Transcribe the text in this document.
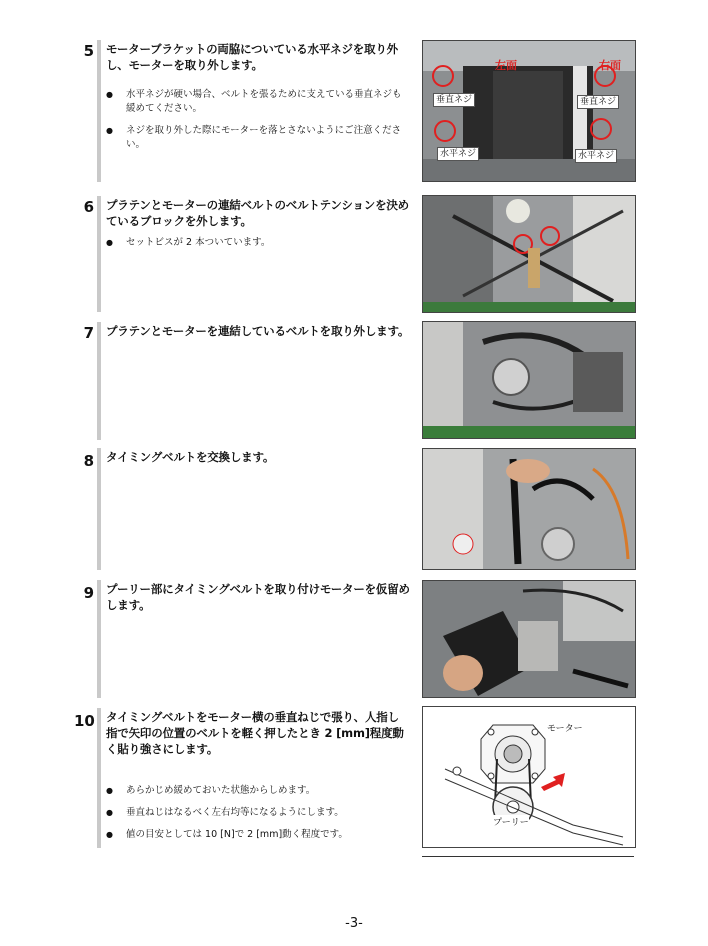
5 モーターブラケットの両脇についている水平ネジを取り外し、モーターを取り外します。
● 水平ネジが硬い場合、ベルトを張るために支えている垂直ネジも緩めてください。
● ネジを取り外した際にモーターを落とさないようにご注意ください。
左面	右面
垂直ネジ	垂直ネジ
水平ネジ	水平ネジ
6 プラテンとモーターの連結ベルトのベルトテンションを決めているブロックを外します。
● セットビスが 2 本ついています。
7 プラテンとモーターを連結しているベルトを取り外します。
8 タイミングベルトを交換します。
9 プーリー部にタイミングベルトを取り付けモーターを仮留めします。
10 タイミングベルトをモーター横の垂直ねじで張り、人指し指で矢印の位置のベルトを軽く押したとき 2 [mm]程度動く貼り強さにします。
● あらかじめ緩めておいた状態からしめます。
● 垂直ねじはなるべく左右均等になるようにします。
● 値の目安としては 10 [N]で 2 [mm]動く程度です。
モーター
プーリー
-3-
